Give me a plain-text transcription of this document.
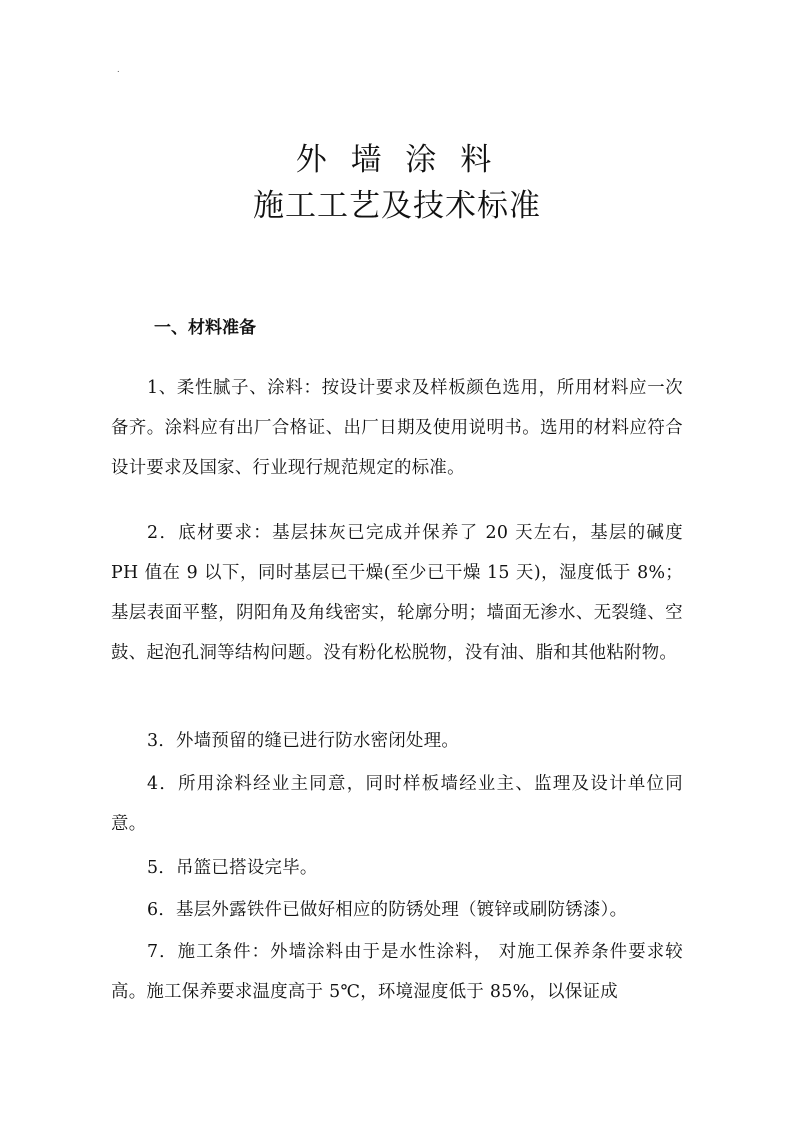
.
外 墙 涂 料
施工工艺及技术标准
一、材料准备
1、柔性腻子、涂料：按设计要求及样板颜色选用，所用材料应一次备齐。涂料应有出厂合格证、出厂日期及使用说明书。选用的材料应符合设计要求及国家、行业现行规范规定的标准。
2．底材要求：基层抹灰已完成并保养了 20 天左右，基层的碱度 PH 值在 9 以下，同时基层已干燥(至少已干燥 15 天)，湿度低于 8%；基层表面平整，阴阳角及角线密实，轮廓分明；墙面无渗水、无裂缝、空鼓、起泡孔洞等结构问题。没有粉化松脱物，没有油、脂和其他粘附物。
3．外墙预留的缝已进行防水密闭处理。
4．所用涂料经业主同意，同时样板墙经业主、监理及设计单位同意。
5．吊篮已搭设完毕。
6．基层外露铁件已做好相应的防锈处理（镀锌或刷防锈漆）。
7．施工条件：外墙涂料由于是水性涂料， 对施工保养条件要求较高。施工保养要求温度高于 5℃，环境湿度低于 85%，以保证成
